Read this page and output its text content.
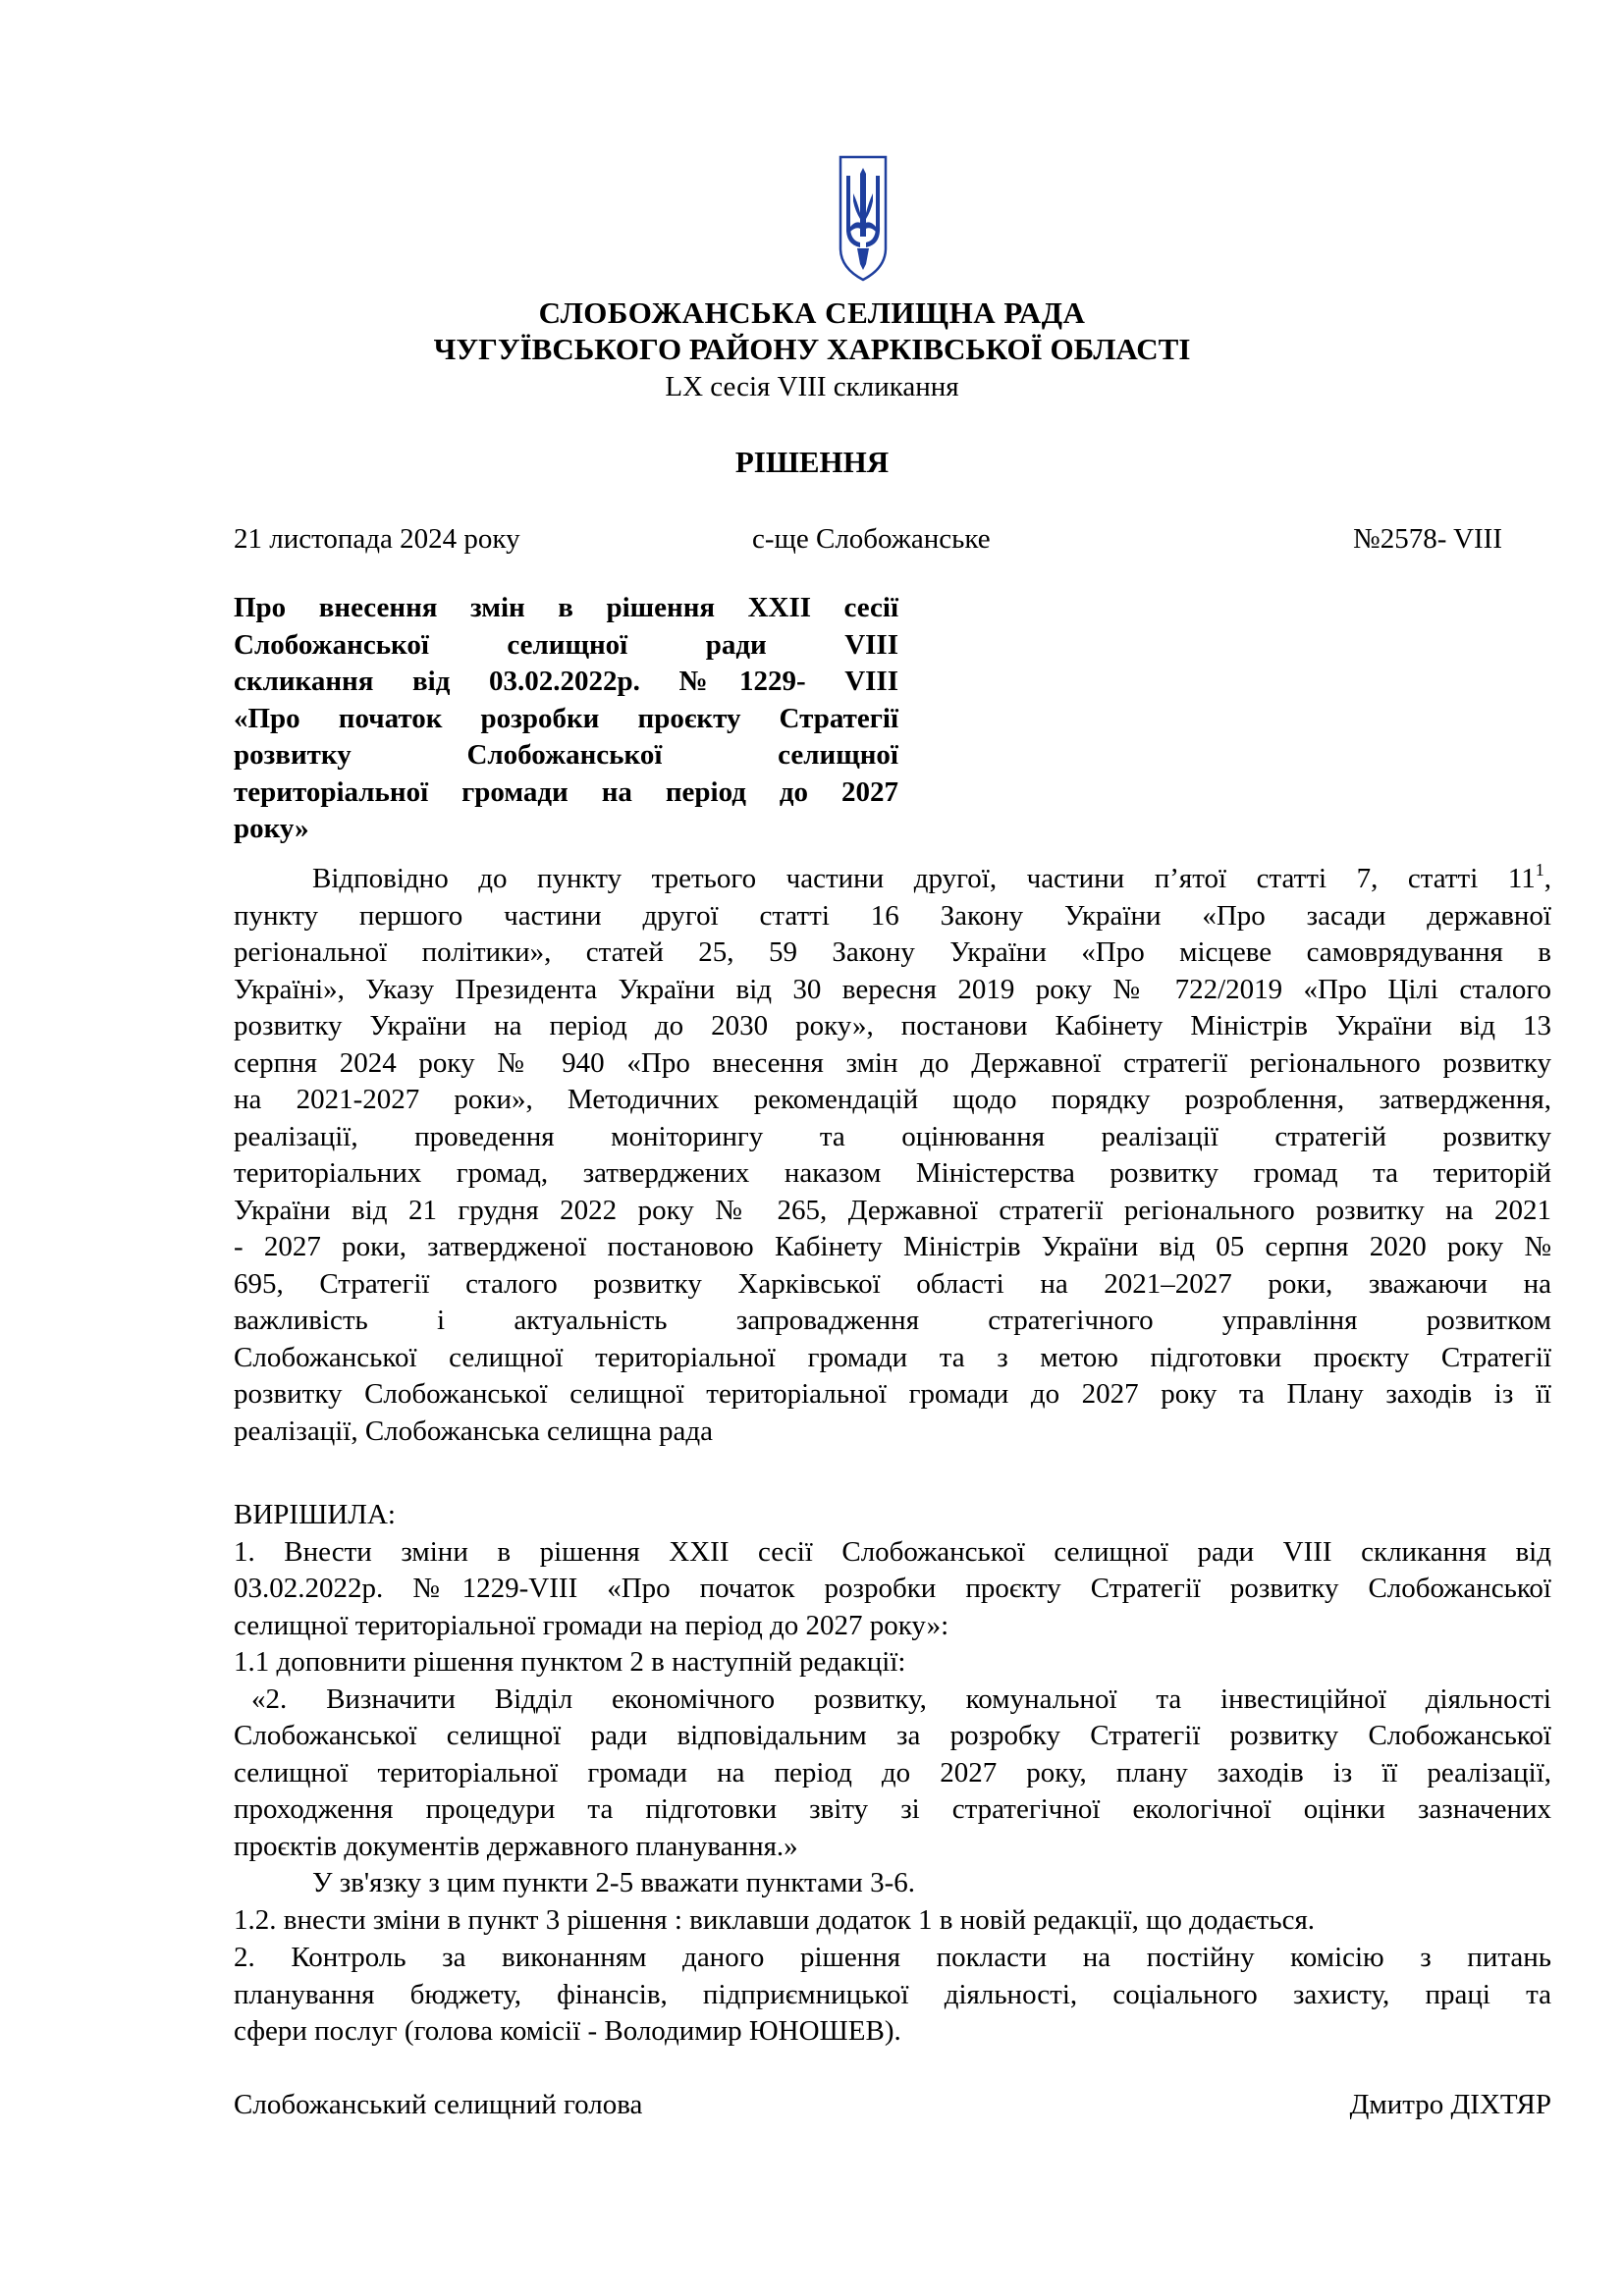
СЛОБОЖАНСЬКА СЕЛИЩНА РАДА
ЧУГУЇВСЬКОГО РАЙОНУ ХАРКІВСЬКОЇ ОБЛАСТІ
LX сесія VIII скликання
РІШЕННЯ
21 листопада 2024 року	с-ще Слобожанське	№2578- VIII
Про внесення змін в рішення XXII сесії
Слобожанської селищної ради VIII
скликання від 03.02.2022р. №1229- VIII
«Про початок розробки проєкту Стратегії
розвитку Слобожанської селищної
територіальної громади на період до 2027
року»
Відповідно до пункту третього частини другої, частини п’ятої статті 7, статті $11^1$,
пункту першого частини другої статті 16 Закону України «Про засади державної
регіональної політики», статей 25, 59 Закону України «Про місцеве самоврядування в
Україні», Указу Президента України від 30 вересня 2019 року № 722/2019 «Про Цілі сталого
розвитку України на період до 2030 року», постанови Кабінету Міністрів України від 13
серпня 2024 року № 940 «Про внесення змін до Державної стратегії регіонального розвитку
на 2021-2027 роки», Методичних рекомендацій щодо порядку розроблення, затвердження,
реалізації, проведення моніторингу та оцінювання реалізації стратегій розвитку
територіальних громад, затверджених наказом Міністерства розвитку громад та територій
України від 21 грудня 2022 року № 265, Державної стратегії регіонального розвитку на 2021
- 2027 роки, затвердженої постановою Кабінету Міністрів України від 05 серпня 2020 року №
695, Стратегії сталого розвитку Харківської області на 2021–2027 роки, зважаючи на
важливість і актуальність запровадження стратегічного управління розвитком
Слобожанської селищної територіальної громади та з метою підготовки проєкту Стратегії
розвитку Слобожанської селищної територіальної громади до 2027 року та Плану заходів із її
реалізації, Слобожанська селищна рада
ВИРІШИЛА:
1. Внести зміни в рішення XXII сесії Слобожанської селищної ради VIII скликання від
03.02.2022р. №1229-VIII «Про початок розробки проєкту Стратегії розвитку Слобожанської
селищної територіальної громади на період до 2027 року»:
1.1 доповнити рішення пунктом 2 в наступній редакції:
«2. Визначити Відділ економічного розвитку, комунальної та інвестиційної діяльності
Слобожанської селищної ради відповідальним за розробку Стратегії розвитку Слобожанської
селищної територіальної громади на період до 2027 року, плану заходів із її реалізації,
проходження процедури та підготовки звіту зі стратегічної екологічної оцінки зазначених
проєктів документів державного планування.»
У зв'язку з цим пункти 2-5 вважати пунктами 3-6.
1.2. внести зміни в пункт 3 рішення : виклавши додаток 1 в новій редакції, що додається.
2. Контроль за виконанням даного рішення покласти на постійну комісію з питань
планування бюджету, фінансів, підприємницької діяльності, соціального захисту, праці та
сфери послуг (голова комісії - Володимир ЮНОШЕВ).
Слобожанський селищний голова	Дмитро ДІХТЯР
